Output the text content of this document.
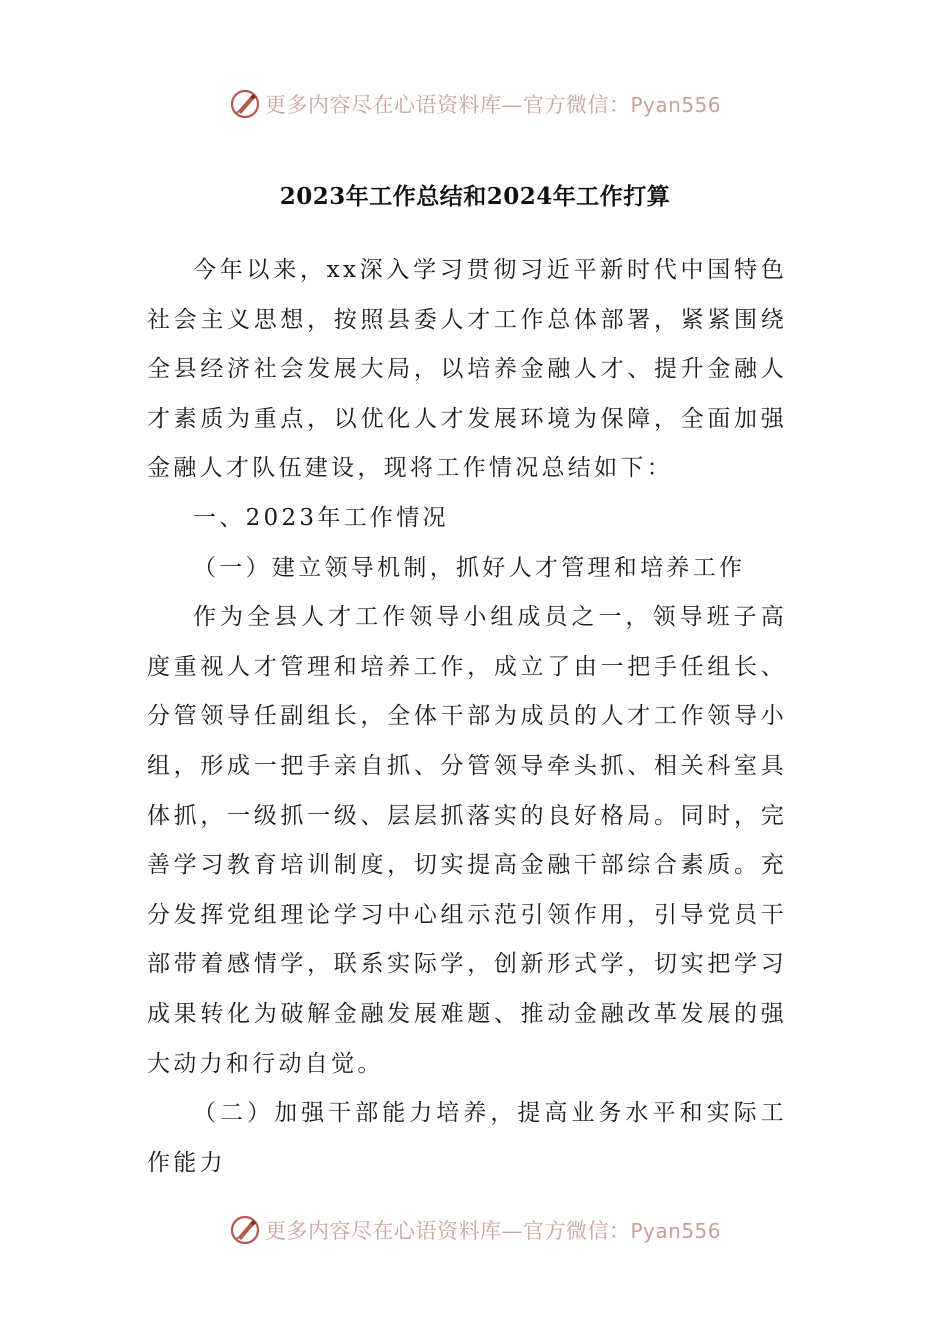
更多内容尽在心语资料库—官方微信：Pyan556
2023年工作总结和2024年工作打算

今年以来，xx深入学习贯彻习近平新时代中国特色社会主义思想，按照县委人才工作总体部署，紧紧围绕全县经济社会发展大局，以培养金融人才、提升金融人才素质为重点，以优化人才发展环境为保障，全面加强金融人才队伍建设，现将工作情况总结如下：

一、2023年工作情况

（一）建立领导机制，抓好人才管理和培养工作

作为全县人才工作领导小组成员之一，领导班子高度重视人才管理和培养工作，成立了由一把手任组长、分管领导任副组长，全体干部为成员的人才工作领导小组，形成一把手亲自抓、分管领导牵头抓、相关科室具体抓，一级抓一级、层层抓落实的良好格局。同时，完善学习教育培训制度，切实提高金融干部综合素质。充分发挥党组理论学习中心组示范引领作用，引导党员干部带着感情学，联系实际学，创新形式学，切实把学习成果转化为破解金融发展难题、推动金融改革发展的强大动力和行动自觉。

（二）加强干部能力培养，提高业务水平和实际工作能力

更多内容尽在心语资料库—官方微信：Pyan556
